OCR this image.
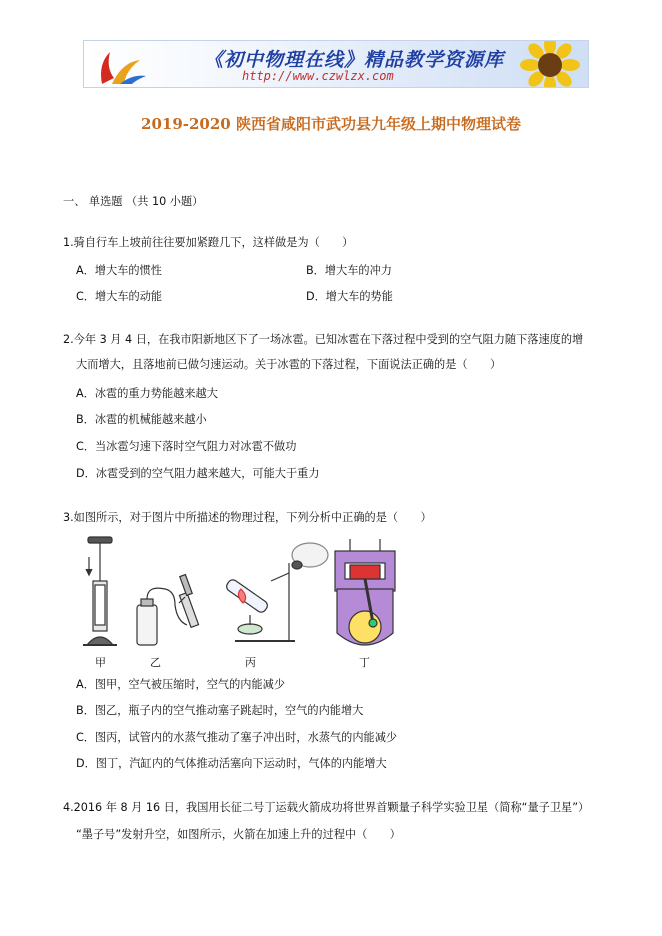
《初中物理在线》精品教学资源库
http://www.czwlzx.com
2019-2020 陕西省咸阳市武功县九年级上期中物理试卷
一、 单选题 （共 10 小题）
1.骑自行车上坡前往往要加紧蹬几下，这样做是为（　　）
A．增大车的惯性	B．增大车的冲力
C．增大车的动能	D．增大车的势能
2.今年 3 月 4 日，在我市阳新地区下了一场冰雹。已知冰雹在下落过程中受到的空气阻力随下落速度的增
大而增大，且落地前已做匀速运动。关于冰雹的下落过程，下面说法正确的是（　　）
A．冰雹的重力势能越来越大
B．冰雹的机械能越来越小
C．当冰雹匀速下落时空气阻力对冰雹不做功
D．冰雹受到的空气阻力越来越大，可能大于重力
3.如图所示，对于图片中所描述的物理过程，下列分析中正确的是（　　）
甲	乙	丙	丁
A．图甲，空气被压缩时，空气的内能减少
B．图乙，瓶子内的空气推动塞子跳起时，空气的内能增大
C．图丙，试管内的水蒸气推动了塞子冲出时，水蒸气的内能减少
D．图丁，汽缸内的气体推动活塞向下运动时，气体的内能增大
4.2016 年 8 月 16 日，我国用长征二号丁运载火箭成功将世界首颗量子科学实验卫星（简称“量子卫星”）
“墨子号”发射升空，如图所示，火箭在加速上升的过程中（　　）
